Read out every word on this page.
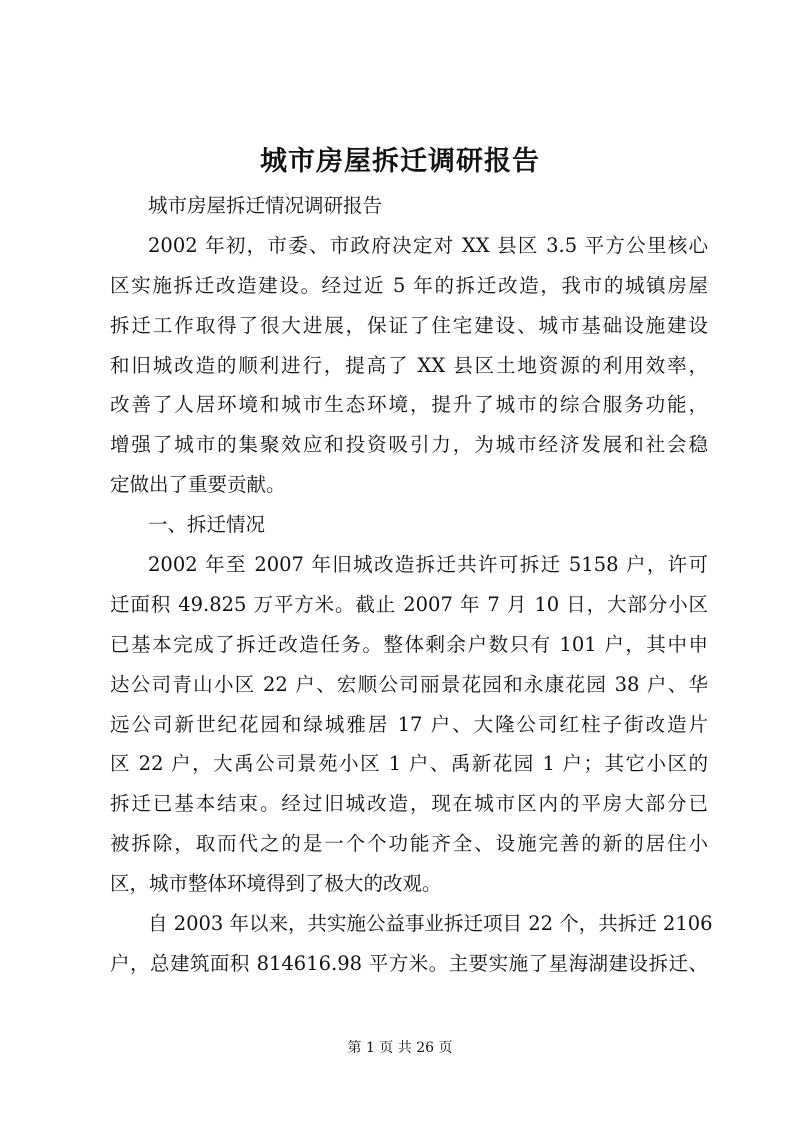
城市房屋拆迁调研报告
城市房屋拆迁情况调研报告
2002 年初，市委、市政府决定对 XX 县区 3.5 平方公里核心
区实施拆迁改造建设。经过近 5 年的拆迁改造，我市的城镇房屋
拆迁工作取得了很大进展，保证了住宅建设、城市基础设施建设
和旧城改造的顺利进行，提高了 XX 县区土地资源的利用效率，
改善了人居环境和城市生态环境，提升了城市的综合服务功能，
增强了城市的集聚效应和投资吸引力，为城市经济发展和社会稳
定做出了重要贡献。
一、拆迁情况
2002 年至 2007 年旧城改造拆迁共许可拆迁 5158 户，许可
迁面积 49.825 万平方米。截止 2007 年 7 月 10 日，大部分小区
已基本完成了拆迁改造任务。整体剩余户数只有 101 户，其中申
达公司青山小区 22 户、宏顺公司丽景花园和永康花园 38 户、华
远公司新世纪花园和绿城雅居 17 户、大隆公司红柱子街改造片
区 22 户，大禹公司景苑小区 1 户、禹新花园 1 户；其它小区的
拆迁已基本结束。经过旧城改造，现在城市区内的平房大部分已
被拆除，取而代之的是一个个功能齐全、设施完善的新的居住小
区，城市整体环境得到了极大的改观。
自 2003 年以来，共实施公益事业拆迁项目 22 个，共拆迁 2106
户，总建筑面积 814616.98 平方米。主要实施了星海湖建设拆迁、
第 1 页 共 26 页
